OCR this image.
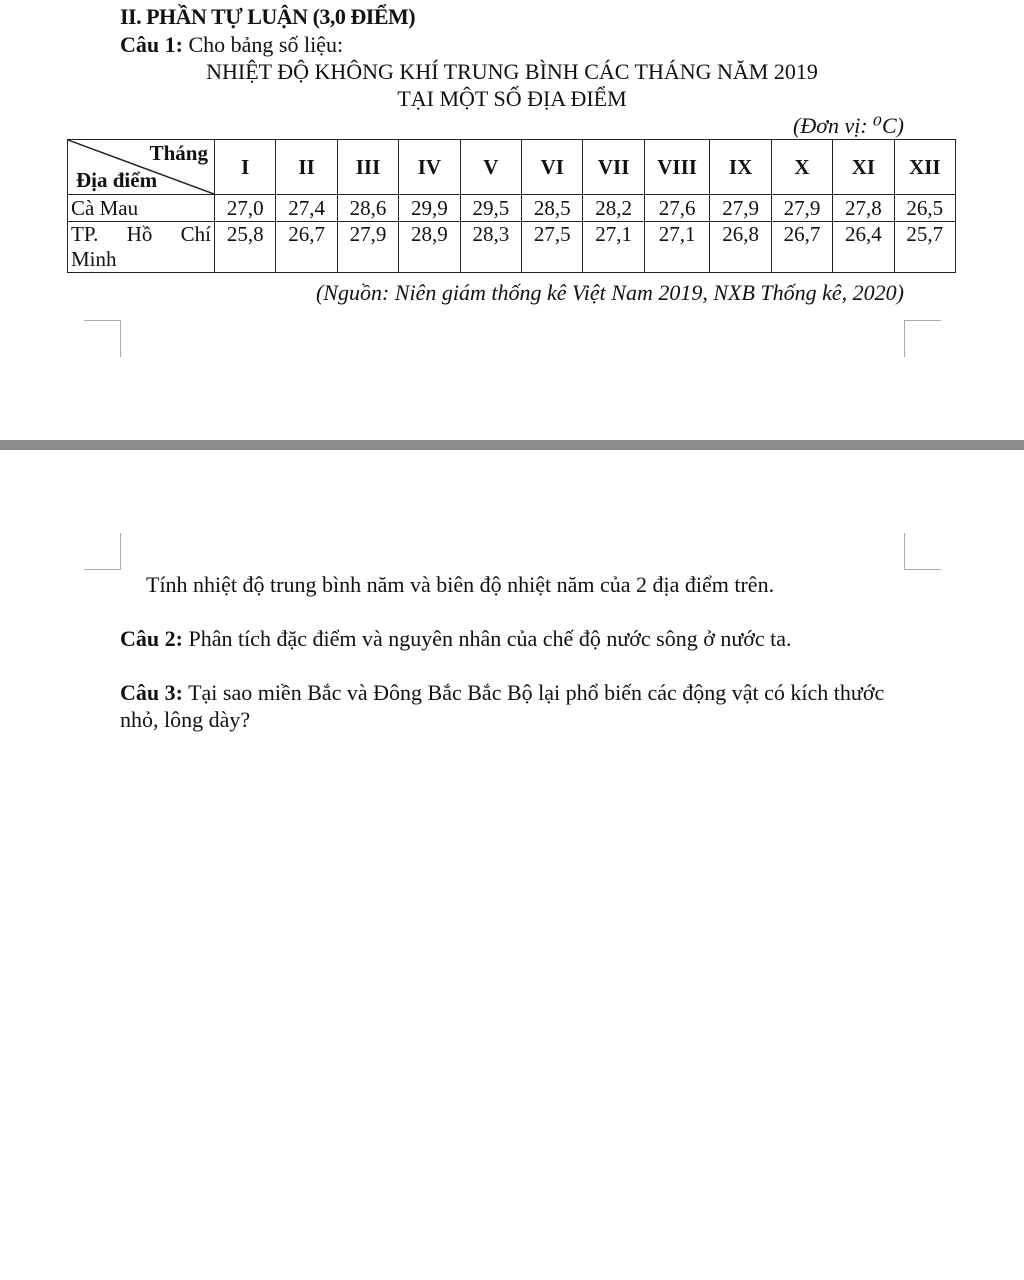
II. PHẦN TỰ LUẬN (3,0 ĐIỂM)
Câu 1: Cho bảng số liệu:
NHIỆT ĐỘ KHÔNG KHÍ TRUNG BÌNH CÁC THÁNG NĂM 2019
TẠI MỘT SỐ ĐỊA ĐIỂM
(Đơn vị: ⁰C)
Tháng
Địa điểm	I	II	III	IV	V	VI	VII	VIII	IX	X	XI	XII
Cà Mau	27,0	27,4	28,6	29,9	29,5	28,5	28,2	27,6	27,9	27,9	27,8	26,5

TP. Hồ Chí
Minh	25,8	26,7	27,9	28,9	28,3	27,5	27,1	27,1	26,8	26,7	26,4	25,7
(Nguồn: Niên giám thống kê Việt Nam 2019, NXB Thống kê, 2020)
Tính nhiệt độ trung bình năm và biên độ nhiệt năm của 2 địa điểm trên.
Câu 2: Phân tích đặc điểm và nguyên nhân của chế độ nước sông ở nước ta.
Câu 3: Tại sao miền Bắc và Đông Bắc Bắc Bộ lại phổ biến các động vật có kích thước nhỏ, lông dày?
